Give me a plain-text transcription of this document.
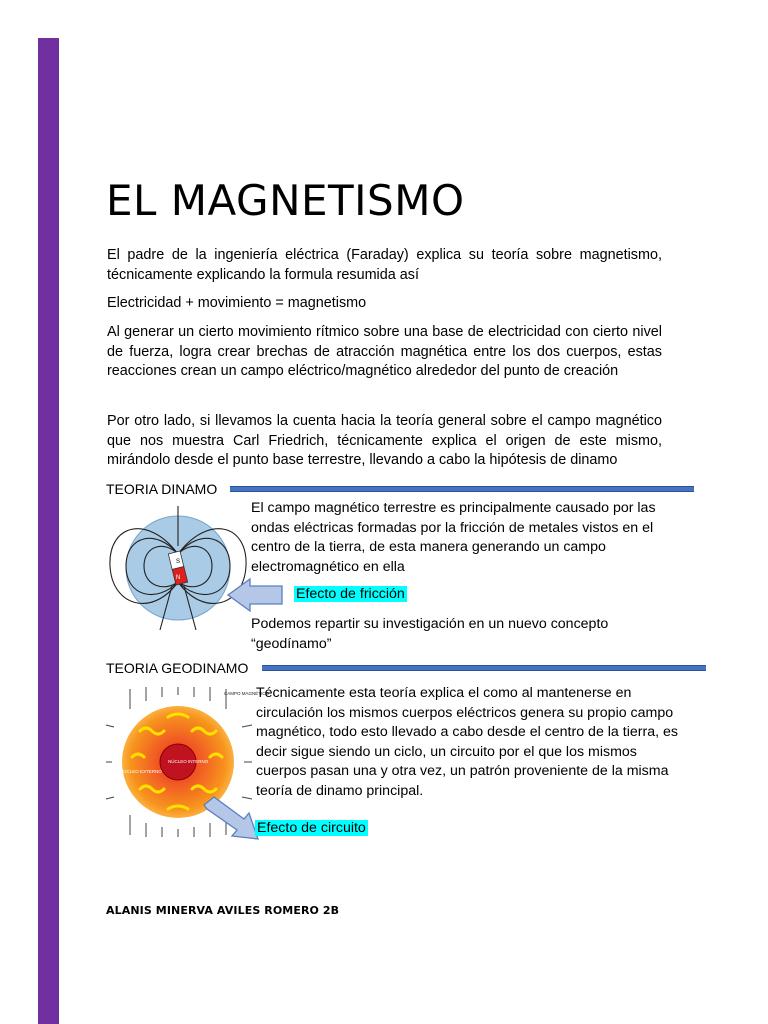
EL MAGNETISMO

El padre de la ingeniería eléctrica (Faraday) explica su teoría sobre magnetismo, técnicamente explicando la formula resumida así

Electricidad + movimiento = magnetismo

Al generar un cierto movimiento rítmico sobre una base de electricidad con cierto nivel de fuerza, logra crear brechas de atracción magnética entre los dos cuerpos, estas reacciones crean un campo eléctrico/magnético alrededor del punto de creación

Por otro lado, si llevamos la cuenta hacia la teoría general sobre el campo magnético que nos muestra Carl Friedrich, técnicamente explica el origen de este mismo, mirándolo desde el punto base terrestre, llevando a cabo la hipótesis de dinamo

TEORIA DINAMO
S
N

El campo magnético terrestre es principalmente causado por las ondas eléctricas formadas por la fricción de metales vistos en el centro de la tierra, de esta manera generando un campo electromagnético en ella

Efecto de fricción

Podemos repartir su investigación en un nuevo concepto “geodínamo”

TEORIA GEODINAMO
NÚCLEO EXTERNO
NÚCLEO INTERNO
CAMPO MAGNÉTICO

Técnicamente esta teoría explica el como al mantenerse en circulación los mismos cuerpos eléctricos genera su propio campo magnético, todo esto llevado a cabo desde el centro de la tierra, es decir sigue siendo un ciclo, un circuito por el que los mismos cuerpos pasan una y otra vez, un patrón proveniente de la misma teoría de dinamo principal.

Efecto de circuito
ALANIS MINERVA AVILES ROMERO 2B
